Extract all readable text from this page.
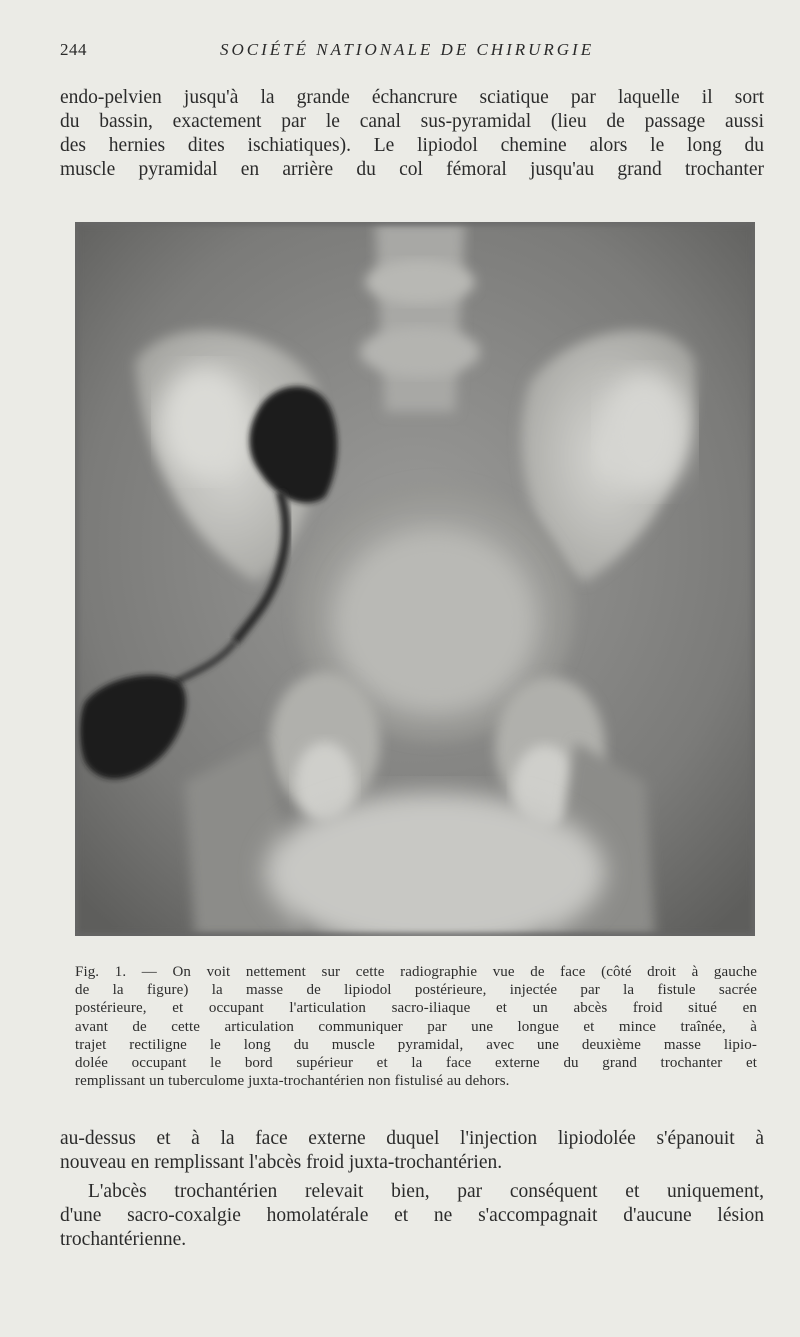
244	SOCIÉTÉ NATIONALE DE CHIRURGIE

endo-pelvien jusqu'à la grande échancrure sciatique par laquelle il sort
du bassin, exactement par le canal sus-pyramidal (lieu de passage aussi
des hernies dites ischiatiques). Le lipiodol chemine alors le long du
muscle pyramidal en arrière du col fémoral jusqu'au grand trochanter

Fig. 1. — On voit nettement sur cette radiographie vue de face (côté droit à gauche
de la figure) la masse de lipiodol postérieure, injectée par la fistule sacrée
postérieure, et occupant l'articulation sacro-iliaque et un abcès froid situé en
avant de cette articulation communiquer par une longue et mince traînée, à
trajet rectiligne le long du muscle pyramidal, avec une deuxième masse lipio-
dolée occupant le bord supérieur et la face externe du grand trochanter et
remplissant un tuberculome juxta-trochantérien non fistulisé au dehors.

au-dessus et à la face externe duquel l'injection lipiodolée s'épanouit à
nouveau en remplissant l'abcès froid juxta-trochantérien.

L'abcès trochantérien relevait bien, par conséquent et uniquement,
d'une sacro-coxalgie homolatérale et ne s'accompagnait d'aucune lésion
trochantérienne.
